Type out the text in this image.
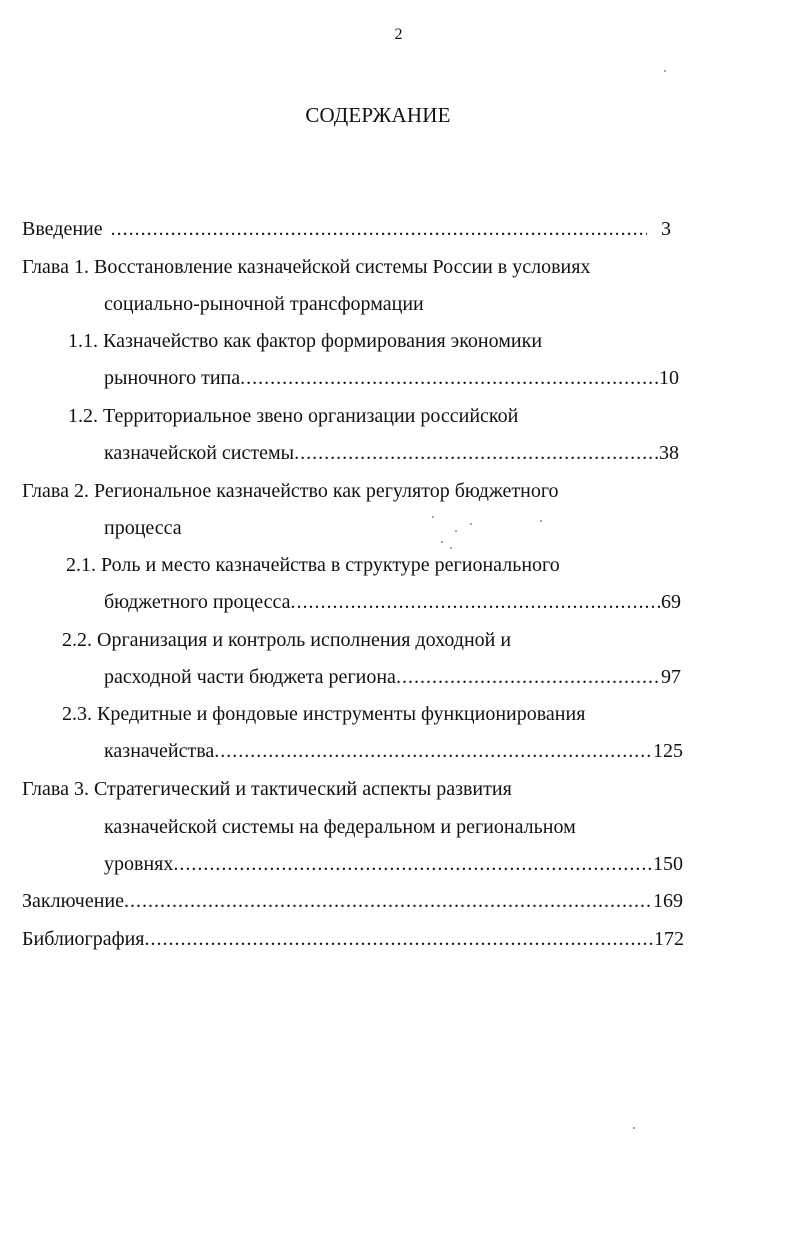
2
СОДЕРЖАНИЕ
Введение .....	3
Глава 1. Восстановление казначейской системы России в условиях
социально-рыночной трансформации
1.1. Казначейство как фактор формирования экономики
рыночного типа .....	10
1.2. Территориальное звено организации российской
казначейской системы .....	38
Глава 2. Региональное казначейство как регулятор бюджетного
процесса
2.1. Роль и место казначейства в структуре регионального
бюджетного процесса .....	69
2.2. Организация и контроль исполнения доходной и
расходной части бюджета региона .....	97
2.3. Кредитные и фондовые инструменты функционирования
казначейства .....	125
Глава 3. Стратегический и тактический аспекты развития
казначейской системы на федеральном и региональном
уровнях .....	150
Заключение .....	169
Библиография .....	172
